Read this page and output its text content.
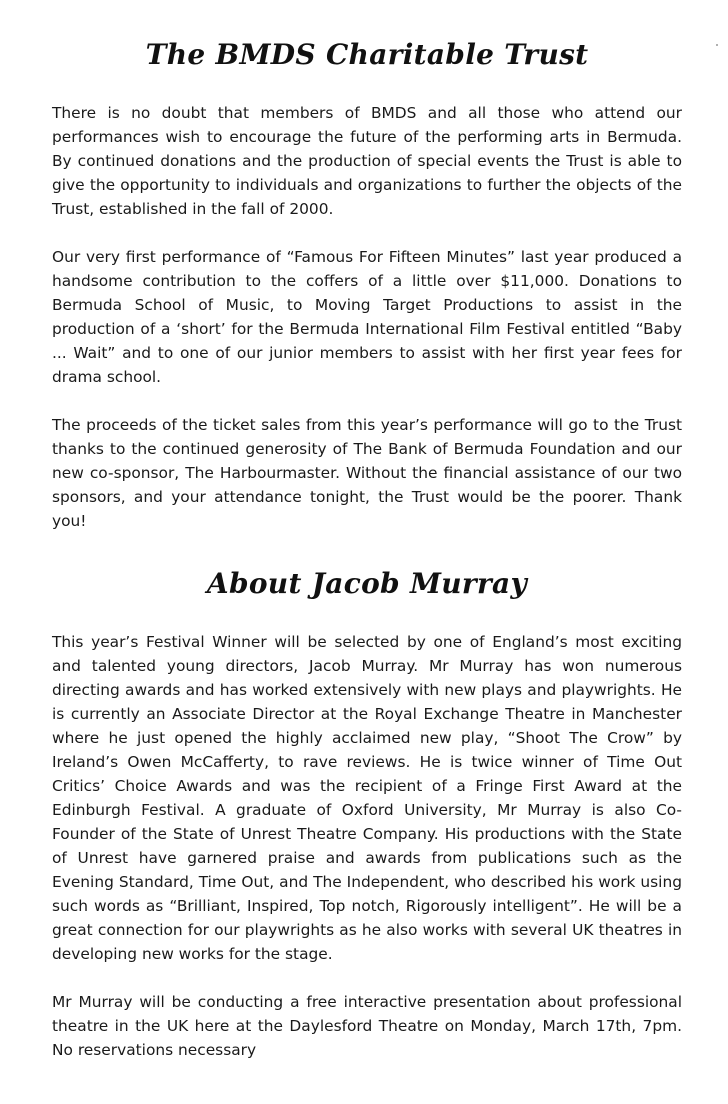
The BMDS Charitable Trust

There is no doubt that members of BMDS and all those who attend our performances wish to encourage the future of the performing arts in Bermuda. By continued donations and the production of special events the Trust is able to give the opportunity to individuals and organizations to further the objects of the Trust, established in the fall of 2000.

Our very first performance of “Famous For Fifteen Minutes” last year produced a handsome contribution to the coffers of a little over $11,000. Donations to Bermuda School of Music, to Moving Target Productions to assist in the production of a ‘short’ for the Bermuda International Film Festival entitled “Baby ... Wait” and to one of our junior members to assist with her first year fees for drama school.

The proceeds of the ticket sales from this year’s performance will go to the Trust thanks to the continued generosity of The Bank of Bermuda Foundation and our new co-sponsor, The Harbourmaster. Without the financial assistance of our two sponsors, and your attendance tonight, the Trust would be the poorer. Thank you!

About Jacob Murray

This year’s Festival Winner will be selected by one of England’s most exciting and talented young directors, Jacob Murray. Mr Murray has won numerous directing awards and has worked extensively with new plays and playwrights. He is currently an Associate Director at the Royal Exchange Theatre in Manchester where he just opened the highly acclaimed new play, “Shoot The Crow” by Ireland’s Owen McCafferty, to rave reviews. He is twice winner of Time Out Critics’ Choice Awards and was the recipient of a Fringe First Award at the Edinburgh Festival. A graduate of Oxford University, Mr Murray is also Co-Founder of the State of Unrest Theatre Company. His productions with the State of Unrest have garnered praise and awards from publications such as the Evening Standard, Time Out, and The Independent, who described his work using such words as “Brilliant, Inspired, Top notch, Rigorously intelligent”. He will be a great connection for our playwrights as he also works with several UK theatres in developing new works for the stage.

Mr Murray will be conducting a free interactive presentation about professional theatre in the UK here at the Daylesford Theatre on Monday, March 17th, 7pm. No reservations necessary
